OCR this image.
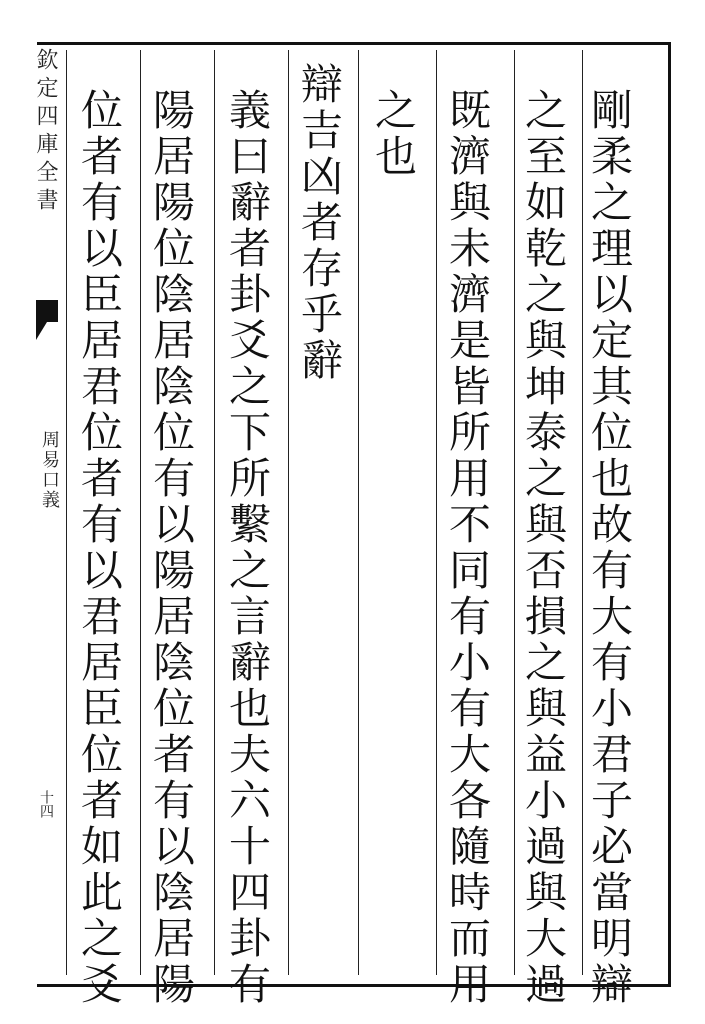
欽定四庫全書
周易口義
十四	剛柔之理以定其位也故有大有小君子必當明辯
之至如乾之與坤泰之與否損之與益小過與大過
既濟與未濟是皆所用不同有小有大各隨時而用
之也
辯吉凶者存乎辭
義曰辭者卦爻之下所繫之言辭也夫六十四卦有
陽居陽位陰居陰位有以陽居陰位者有以陰居陽
位者有以臣居君位者有以君居臣位者如此之爻
